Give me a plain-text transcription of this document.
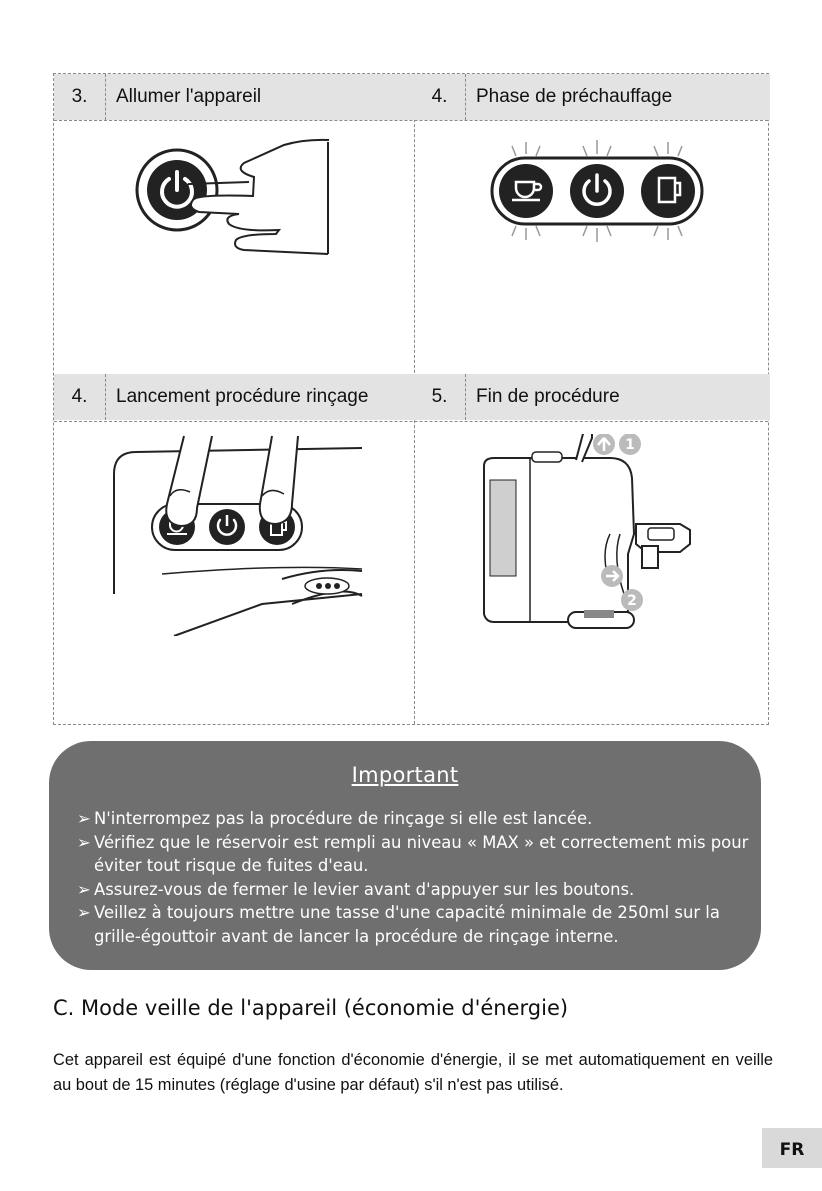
3.	Allumer l'appareil	4.	Phase de préchauffage
4.	Lancement procédure rinçage	5.	Fin de procédure
1
2
Important
➢ N'interrompez pas la procédure de rinçage si elle est lancée.
➢ Vérifiez que le réservoir est rempli au niveau « MAX » et correctement mis pour éviter tout risque de fuites d'eau.
➢ Assurez-vous de fermer le levier avant d'appuyer sur les boutons.
➢ Veillez à toujours mettre une tasse d'une capacité minimale de 250ml sur la grille-égouttoir avant de lancer la procédure de rinçage interne.
C. Mode veille de l'appareil (économie d'énergie)

Cet appareil est équipé d'une fonction d'économie d'énergie, il se met automatiquement en veille au bout de 15 minutes (réglage d'usine par défaut) s'il n'est pas utilisé.

FR
